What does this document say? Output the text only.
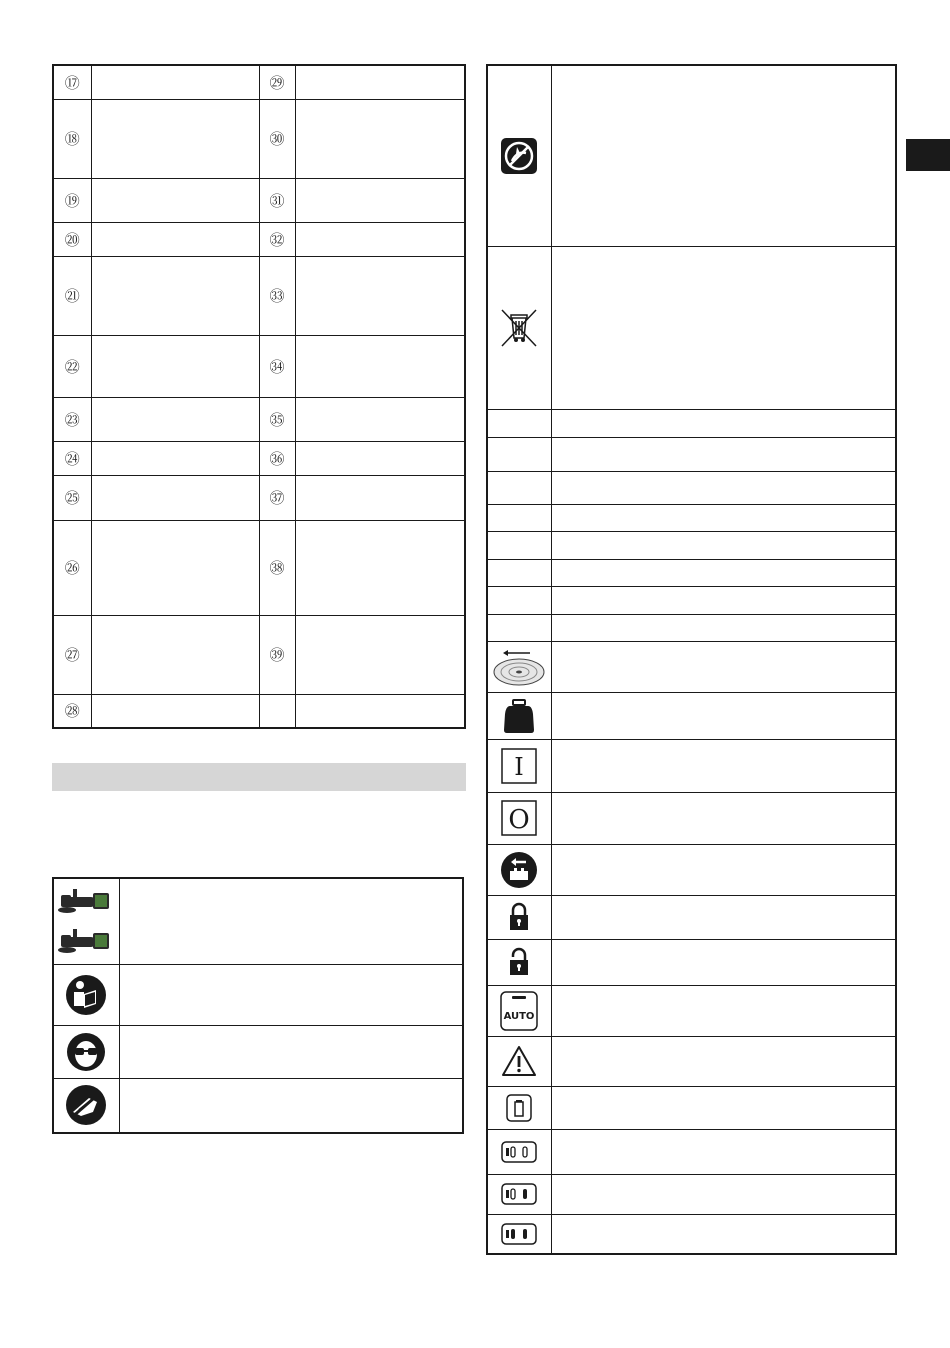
⑰		㉙	
⑱		㉚	
⑲		㉛	
⑳		㉜	
㉑		㉝	
㉒		㉞	
㉓		㉟	
㉔		㊱	
㉕		㊲	
㉖		㊳	
㉗		㊴	
㉘			

I	

O	

AUTO	
